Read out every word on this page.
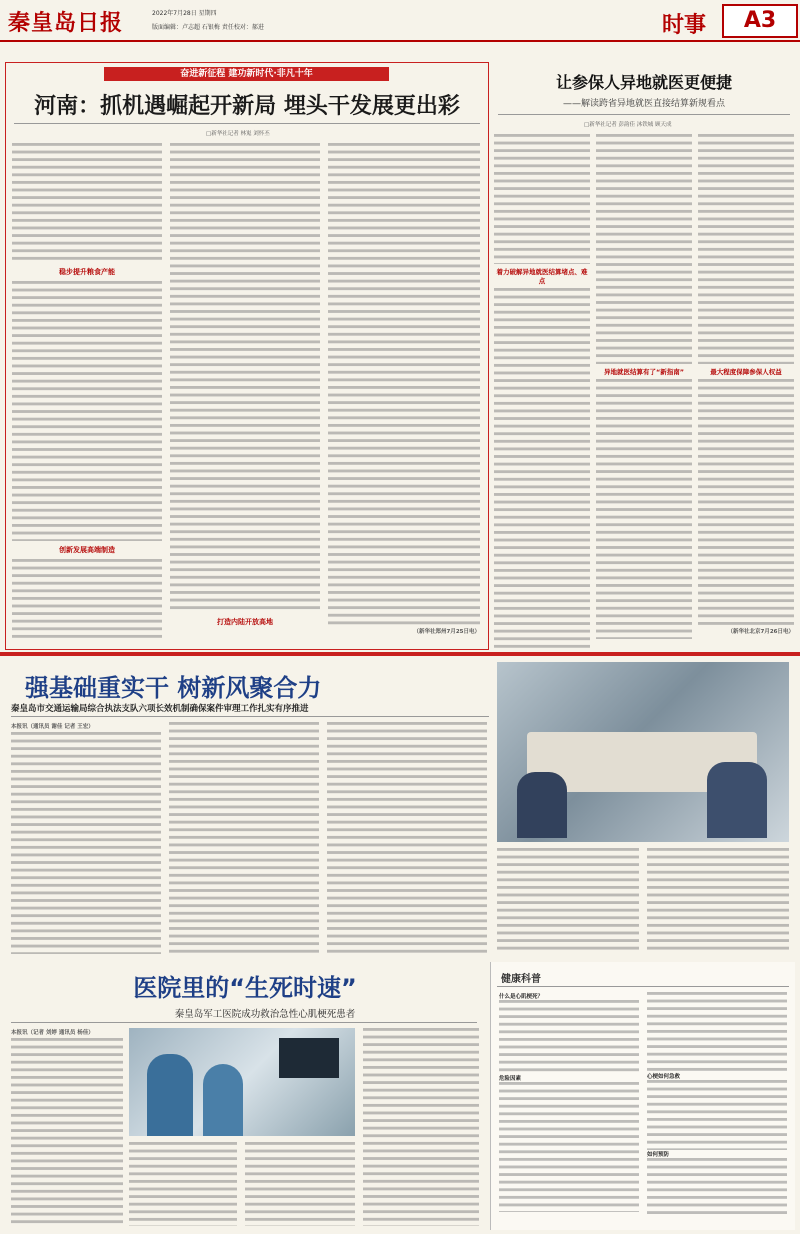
秦皇岛日报	2022年7月28日 星期四
版面编辑：卢志超 石银梅 责任校对：郝进	时事	A3
奋进新征程 建功新时代·非凡十年
河南：抓机遇崛起开新局 埋头干发展更出彩
□新华社记者 林嵬 刘怀丕
稳步提升粮食产能
创新发展高端制造
打造内陆开放高地
（新华社郑州7月25日电）
让参保人异地就医更便捷
——解读跨省异地就医直接结算新规看点
□新华社记者 彭韵佳 沐铁城 顾天成
着力破解异地就医结算堵点、难点
异地就医结算有了“新指南”	最大程度保障参保人权益
（新华社北京7月26日电）
强基础重实干 树新风聚合力
秦皇岛市交通运输局综合执法支队六项长效机制确保案件审理工作扎实有序推进
本报讯（通讯员 谢佳 记者 王宏）
医院里的“生死时速”
秦皇岛军工医院成功救治急性心肌梗死患者
本报讯（记者 刘婷 通讯员 杨佳）
健康科普
什么是心肌梗死？
危险因素	心梗如何急救
如何预防
